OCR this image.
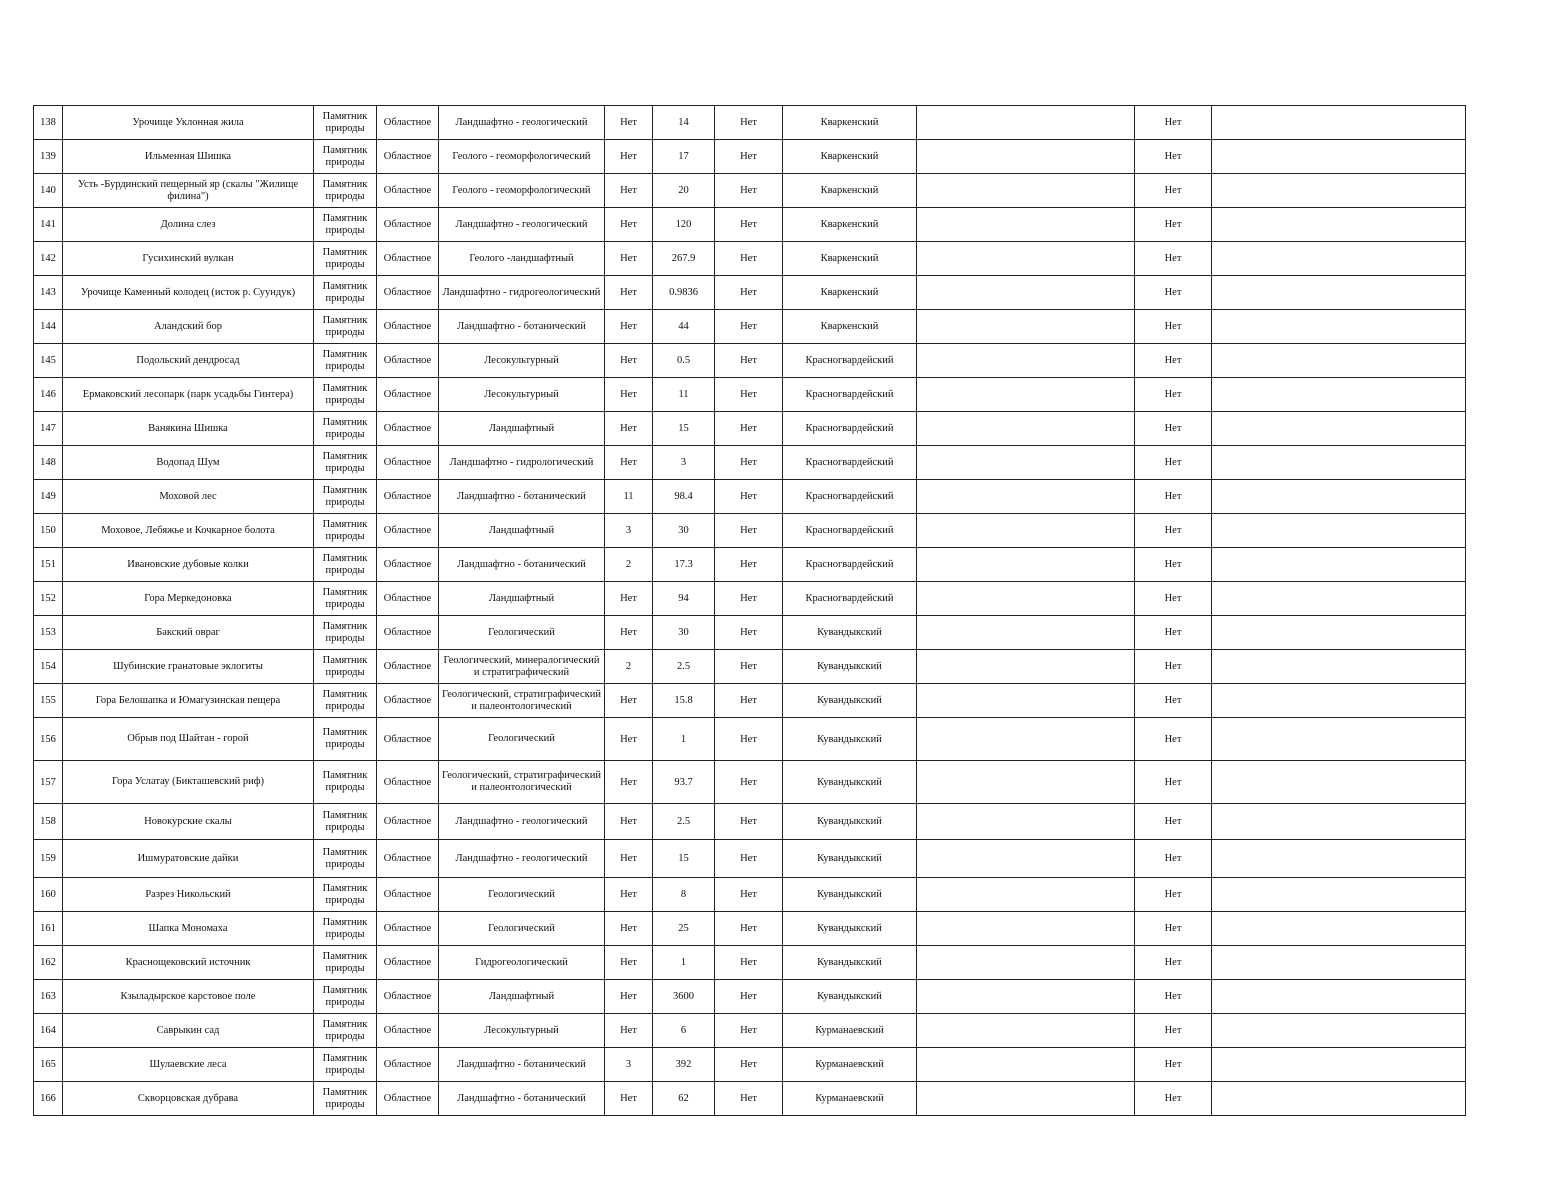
138	Урочище Уклонная жила	Памятник природы	Областное	Ландшафтно - геологический	Нет	14	Нет	Кваркенский		Нет	
139	Ильменная Шишка	Памятник природы	Областное	Геолого - геоморфологический	Нет	17	Нет	Кваркенский		Нет	
140	Усть -Бурдинский пещерный яр (скалы "Жилище филина")	Памятник природы	Областное	Геолого - геоморфологический	Нет	20	Нет	Кваркенский		Нет	
141	Долина слез	Памятник природы	Областное	Ландшафтно - геологический	Нет	120	Нет	Кваркенский		Нет	
142	Гусихинский вулкан	Памятник природы	Областное	Геолого -ландшафтный	Нет	267.9	Нет	Кваркенский		Нет	
143	Урочище Каменный колодец (исток р. Суундук)	Памятник природы	Областное	Ландшафтно - гидрогеологический	Нет	0.9836	Нет	Кваркенский		Нет	
144	Аландский бор	Памятник природы	Областное	Ландшафтно - ботанический	Нет	44	Нет	Кваркенский		Нет	
145	Подольский дендросад	Памятник природы	Областное	Лесокультурный	Нет	0.5	Нет	Красногвардейский		Нет	
146	Ермаковский лесопарк (парк усадьбы Гинтера)	Памятник природы	Областное	Лесокультурный	Нет	11	Нет	Красногвардейский		Нет	
147	Ванякина Шишка	Памятник природы	Областное	Ландшафтный	Нет	15	Нет	Красногвардейский		Нет	
148	Водопад Шум	Памятник природы	Областное	Ландшафтно - гидрологический	Нет	3	Нет	Красногвардейский		Нет	
149	Моховой лес	Памятник природы	Областное	Ландшафтно - ботанический	11	98.4	Нет	Красногвардейский		Нет	
150	Моховое, Лебяжье и Кочкарное болота	Памятник природы	Областное	Ландшафтный	3	30	Нет	Красногвардейский		Нет	
151	Ивановские дубовые колки	Памятник природы	Областное	Ландшафтно - ботанический	2	17.3	Нет	Красногвардейский		Нет	
152	Гора Меркедоновка	Памятник природы	Областное	Ландшафтный	Нет	94	Нет	Красногвардейский		Нет	
153	Бакский овраг	Памятник природы	Областное	Геологический	Нет	30	Нет	Кувандыкский		Нет	
154	Шубинские гранатовые эклогиты	Памятник природы	Областное	Геологический, минералогический и стратиграфический	2	2.5	Нет	Кувандыкский		Нет	
155	Гора Белошапка и Юмагузинская пещера	Памятник природы	Областное	Геологический, стратиграфический и палеонтологический	Нет	15.8	Нет	Кувандыкский		Нет	
156	Обрыв под Шайтан - горой	Памятник природы	Областное	Геологический	Нет	1	Нет	Кувандыкский		Нет	
157	Гора Услатау (Бикташевский риф)	Памятник природы	Областное	Геологический, стратиграфический и палеонтологический	Нет	93.7	Нет	Кувандыкский		Нет	
158	Новокурские скалы	Памятник природы	Областное	Ландшафтно - геологический	Нет	2.5	Нет	Кувандыкский		Нет	
159	Ишмуратовские дайки	Памятник природы	Областное	Ландшафтно - геологический	Нет	15	Нет	Кувандыкский		Нет	
160	Разрез Никольский	Памятник природы	Областное	Геологический	Нет	8	Нет	Кувандыкский		Нет	
161	Шапка Мономаха	Памятник природы	Областное	Геологический	Нет	25	Нет	Кувандыкский		Нет	
162	Краснощековский источник	Памятник природы	Областное	Гидрогеологический	Нет	1	Нет	Кувандыкский		Нет	
163	Кзыладырское карстовое поле	Памятник природы	Областное	Ландшафтный	Нет	3600	Нет	Кувандыкский		Нет	
164	Саврыкин сад	Памятник природы	Областное	Лесокультурный	Нет	6	Нет	Курманаевский		Нет	
165	Шулаевские леса	Памятник природы	Областное	Ландшафтно - ботанический	3	392	Нет	Курманаевский		Нет	
166	Скворцовская дубрава	Памятник природы	Областное	Ландшафтно - ботанический	Нет	62	Нет	Курманаевский		Нет	
